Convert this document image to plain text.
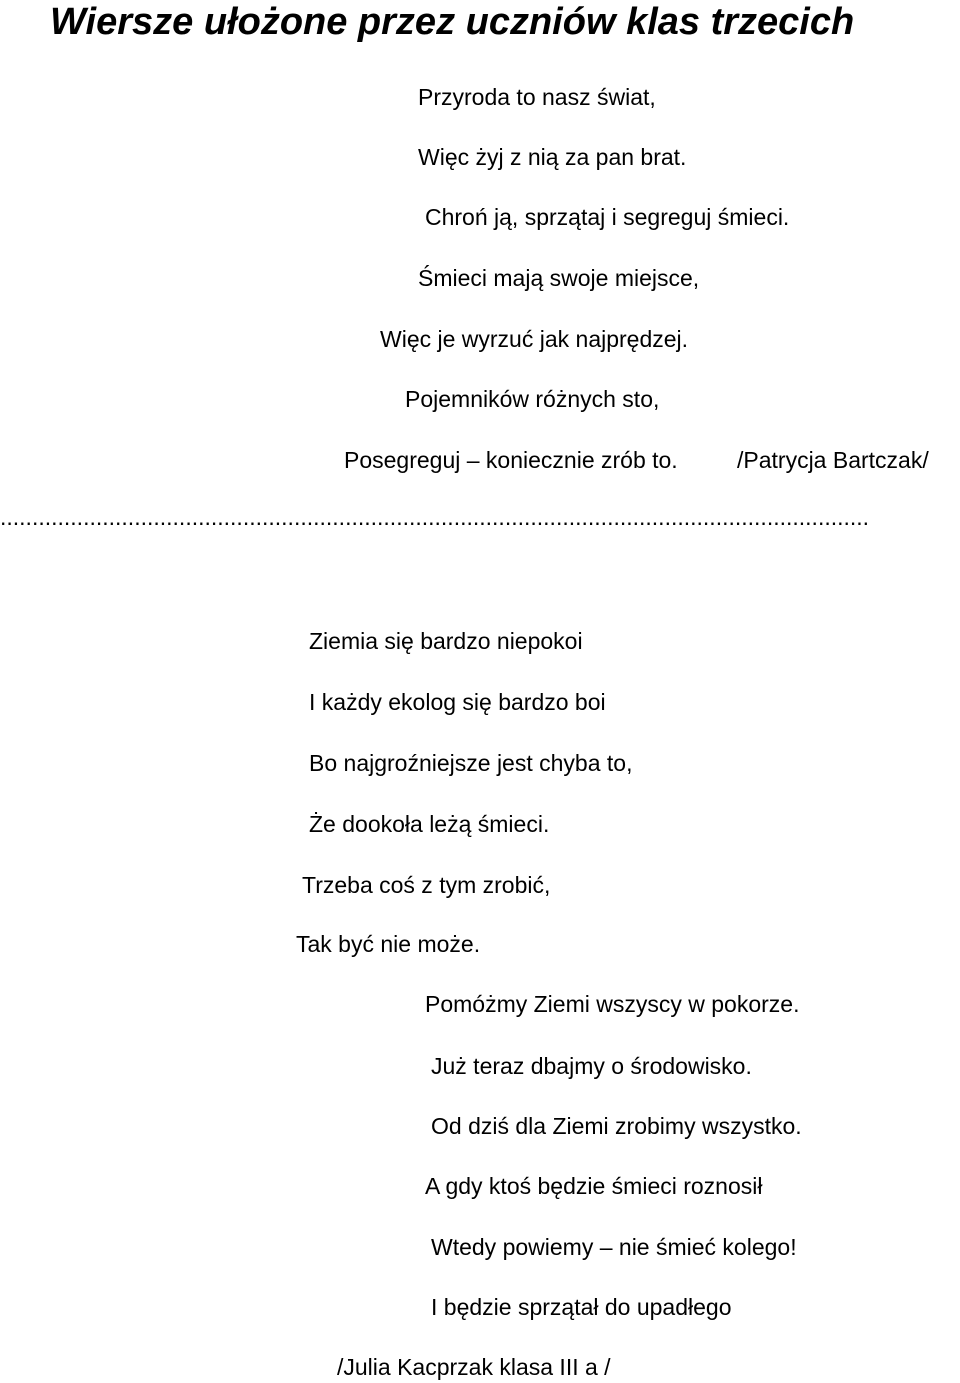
Wiersze ułożone przez uczniów klas trzecich
Przyroda to nasz świat,
Więc żyj z nią za pan brat.
Chroń ją, sprzątaj i segreguj śmieci.
Śmieci mają swoje miejsce,
Więc je wyrzuć jak najprędzej.
Pojemników różnych sto,
Posegreguj – koniecznie zrób to.	/Patrycja Bartczak/
........................................................................................................................................
Ziemia się bardzo niepokoi
I każdy ekolog się bardzo boi
Bo najgroźniejsze jest chyba to,
Że dookoła leżą śmieci.
Trzeba coś z tym zrobić,
Tak być nie może.
Pomóżmy Ziemi wszyscy w pokorze.
Już teraz dbajmy o środowisko.
Od dziś dla Ziemi zrobimy wszystko.
A gdy ktoś będzie śmieci roznosił
Wtedy powiemy – nie śmieć kolego!
I będzie sprzątał do upadłego
/Julia Kacprzak klasa III a /
